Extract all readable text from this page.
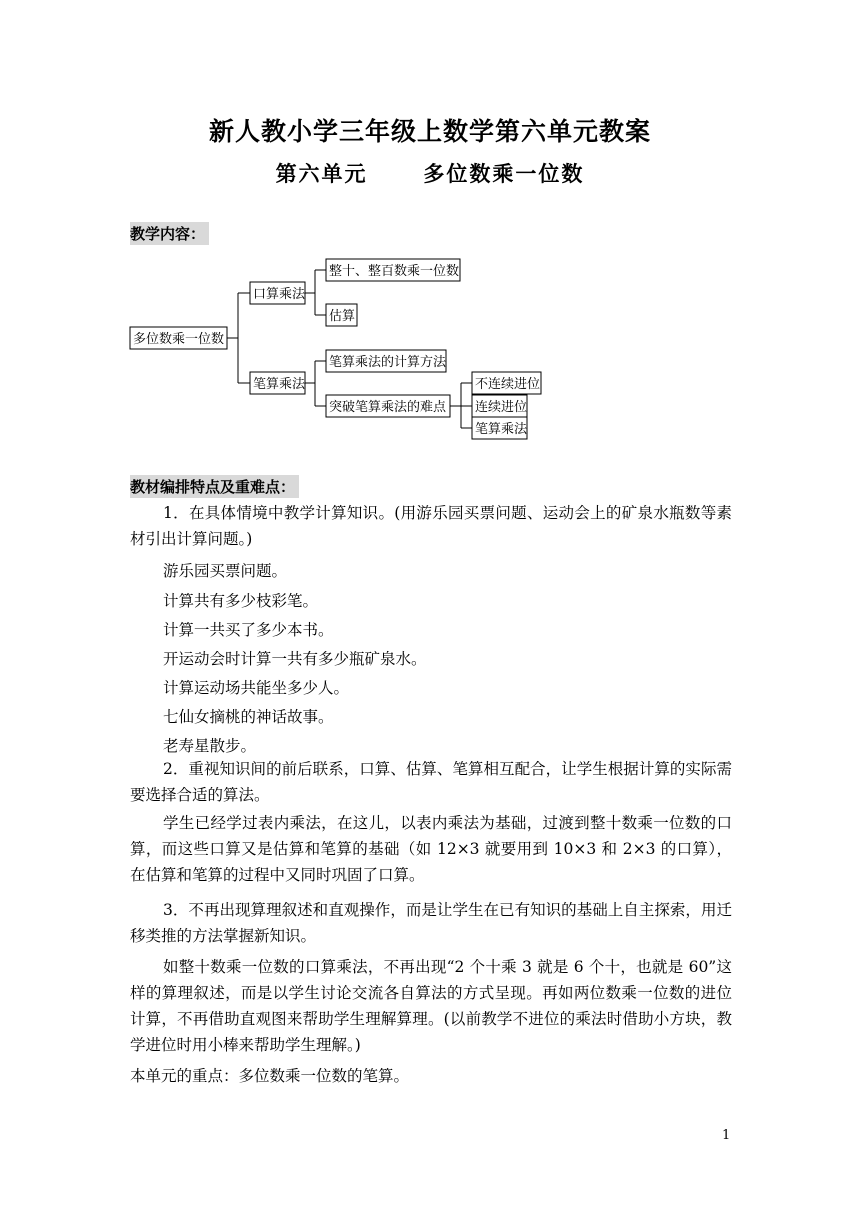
新人教小学三年级上数学第六单元教案
第六单元      多位数乘一位数
教学内容：
多位数乘一位数
口算乘法
笔算乘法
整十、整百数乘一位数
估算
笔算乘法的计算方法
突破笔算乘法的难点
不连续进位
连续进位
笔算乘法
教材编排特点及重难点：

1．在具体情境中教学计算知识。(用游乐园买票问题、运动会上的矿泉水瓶数等素材引出计算问题。)

游乐园买票问题。

计算共有多少枝彩笔。

计算一共买了多少本书。

开运动会时计算一共有多少瓶矿泉水。

计算运动场共能坐多少人。

七仙女摘桃的神话故事。

老寿星散步。

2．重视知识间的前后联系，口算、估算、笔算相互配合，让学生根据计算的实际需要选择合适的算法。

学生已经学过表内乘法，在这儿，以表内乘法为基础，过渡到整十数乘一位数的口算，而这些口算又是估算和笔算的基础（如 12×3 就要用到 10×3 和 2×3 的口算），在估算和笔算的过程中又同时巩固了口算。

3．不再出现算理叙述和直观操作，而是让学生在已有知识的基础上自主探索，用迁移类推的方法掌握新知识。

如整十数乘一位数的口算乘法，不再出现“2 个十乘 3 就是 6 个十，也就是 60”这样的算理叙述，而是以学生讨论交流各自算法的方式呈现。再如两位数乘一位数的进位计算，不再借助直观图来帮助学生理解算理。(以前教学不进位的乘法时借助小方块，教学进位时用小棒来帮助学生理解。)

本单元的重点：多位数乘一位数的笔算。

1
